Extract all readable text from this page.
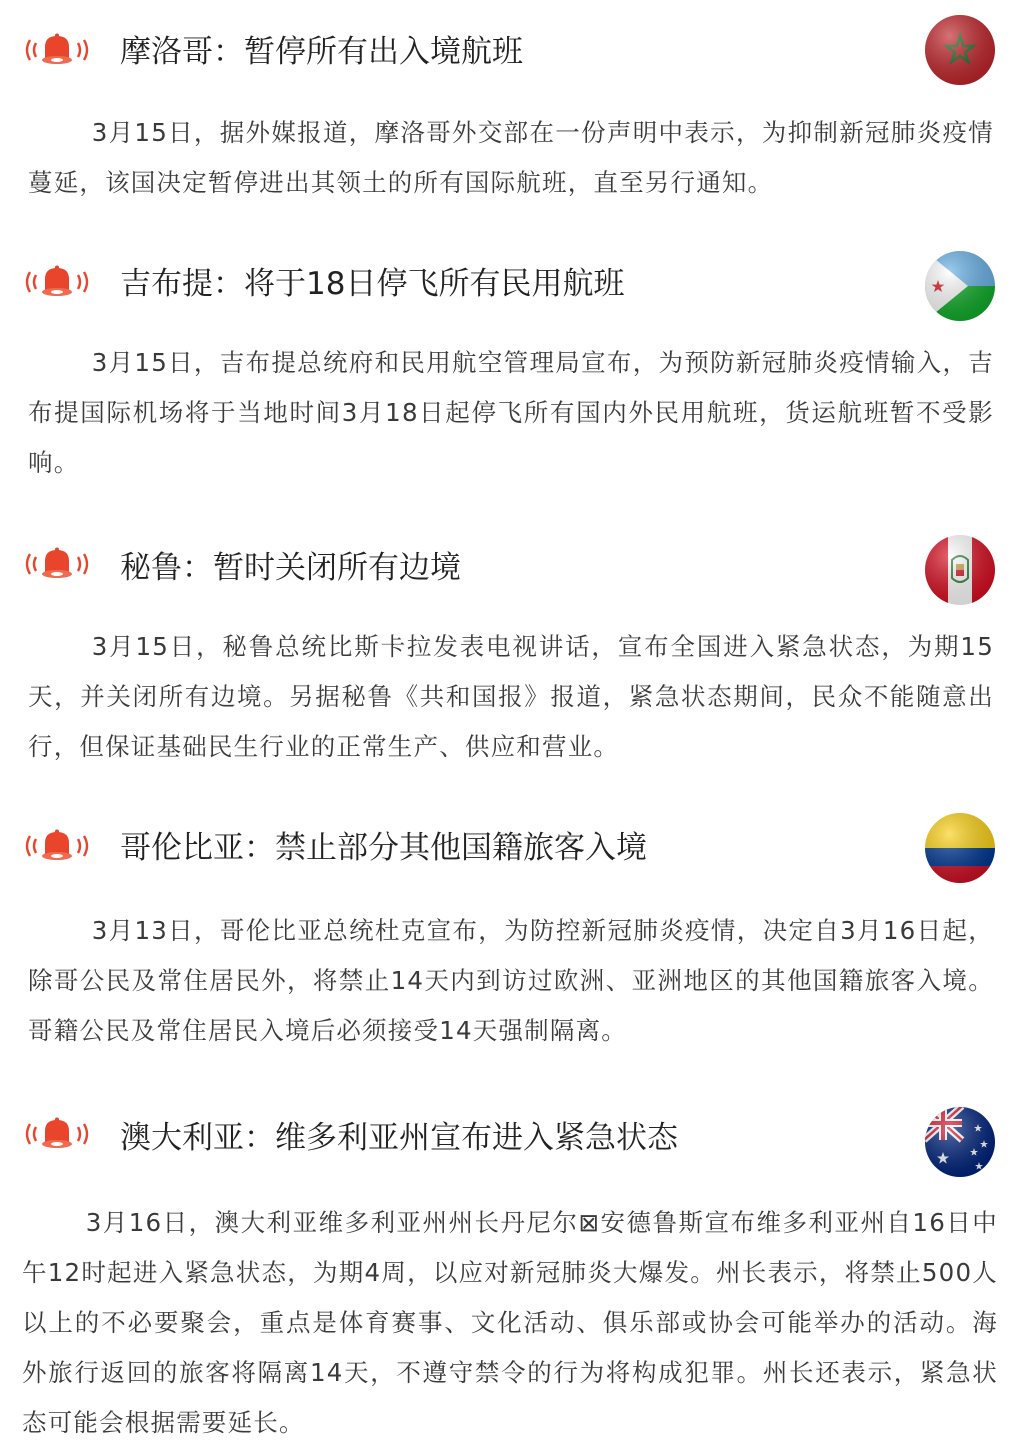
摩洛哥：暂停所有出入境航班

3月15日，据外媒报道，摩洛哥外交部在一份声明中表示，为抑制新冠肺炎疫情蔓延，该国决定暂停进出其领土的所有国际航班，直至另行通知。

吉布提：将于18日停飞所有民用航班

3月15日，吉布提总统府和民用航空管理局宣布，为预防新冠肺炎疫情输入，吉布提国际机场将于当地时间3月18日起停飞所有国内外民用航班，货运航班暂不受影响。

秘鲁：暂时关闭所有边境

3月15日，秘鲁总统比斯卡拉发表电视讲话，宣布全国进入紧急状态，为期15天，并关闭所有边境。另据秘鲁《共和国报》报道，紧急状态期间，民众不能随意出行，但保证基础民生行业的正常生产、供应和营业。

哥伦比亚：禁止部分其他国籍旅客入境

3月13日，哥伦比亚总统杜克宣布，为防控新冠肺炎疫情，决定自3月16日起，除哥公民及常住居民外，将禁止14天内到访过欧洲、亚洲地区的其他国籍旅客入境。哥籍公民及常住居民入境后必须接受14天强制隔离。

澳大利亚：维多利亚州宣布进入紧急状态

3月16日，澳大利亚维多利亚州州长丹尼尔⊠安德鲁斯宣布维多利亚州自16日中午12时起进入紧急状态，为期4周，以应对新冠肺炎大爆发。州长表示，将禁止500人以上的不必要聚会，重点是体育赛事、文化活动、俱乐部或协会可能举办的活动。海外旅行返回的旅客将隔离14天，不遵守禁令的行为将构成犯罪。州长还表示，紧急状态可能会根据需要延长。
